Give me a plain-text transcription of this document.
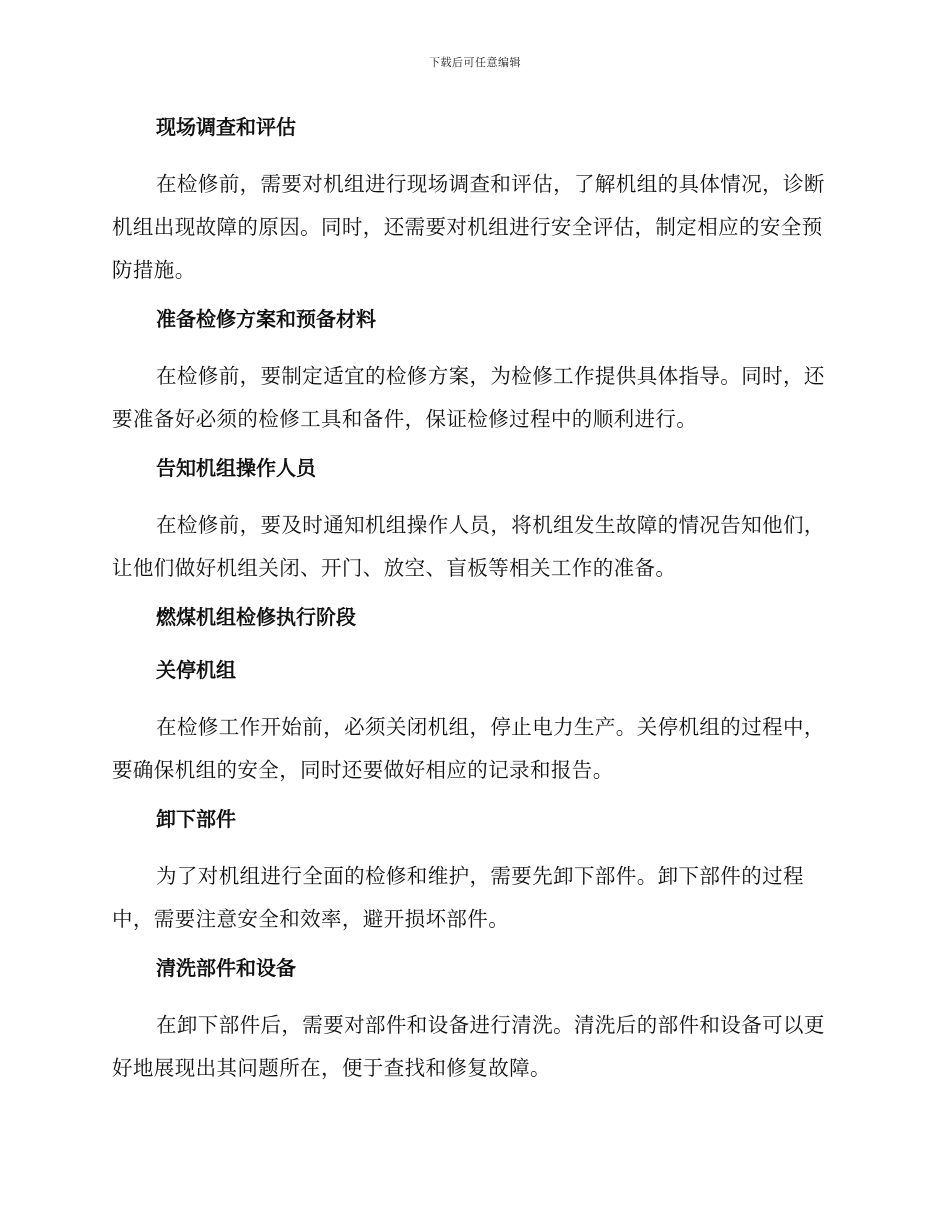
下载后可任意编辑
现场调查和评估

在检修前，需要对机组进行现场调查和评估，了解机组的具体情况，诊断机组出现故障的原因。同时，还需要对机组进行安全评估，制定相应的安全预防措施。

准备检修方案和预备材料

在检修前，要制定适宜的检修方案，为检修工作提供具体指导。同时，还要准备好必须的检修工具和备件，保证检修过程中的顺利进行。

告知机组操作人员

在检修前，要及时通知机组操作人员，将机组发生故障的情况告知他们，让他们做好机组关闭、开门、放空、盲板等相关工作的准备。

燃煤机组检修执行阶段
关停机组

在检修工作开始前，必须关闭机组，停止电力生产。关停机组的过程中，要确保机组的安全，同时还要做好相应的记录和报告。

卸下部件

为了对机组进行全面的检修和维护，需要先卸下部件。卸下部件的过程中，需要注意安全和效率，避开损坏部件。

清洗部件和设备

在卸下部件后，需要对部件和设备进行清洗。清洗后的部件和设备可以更好地展现出其问题所在，便于查找和修复故障。
